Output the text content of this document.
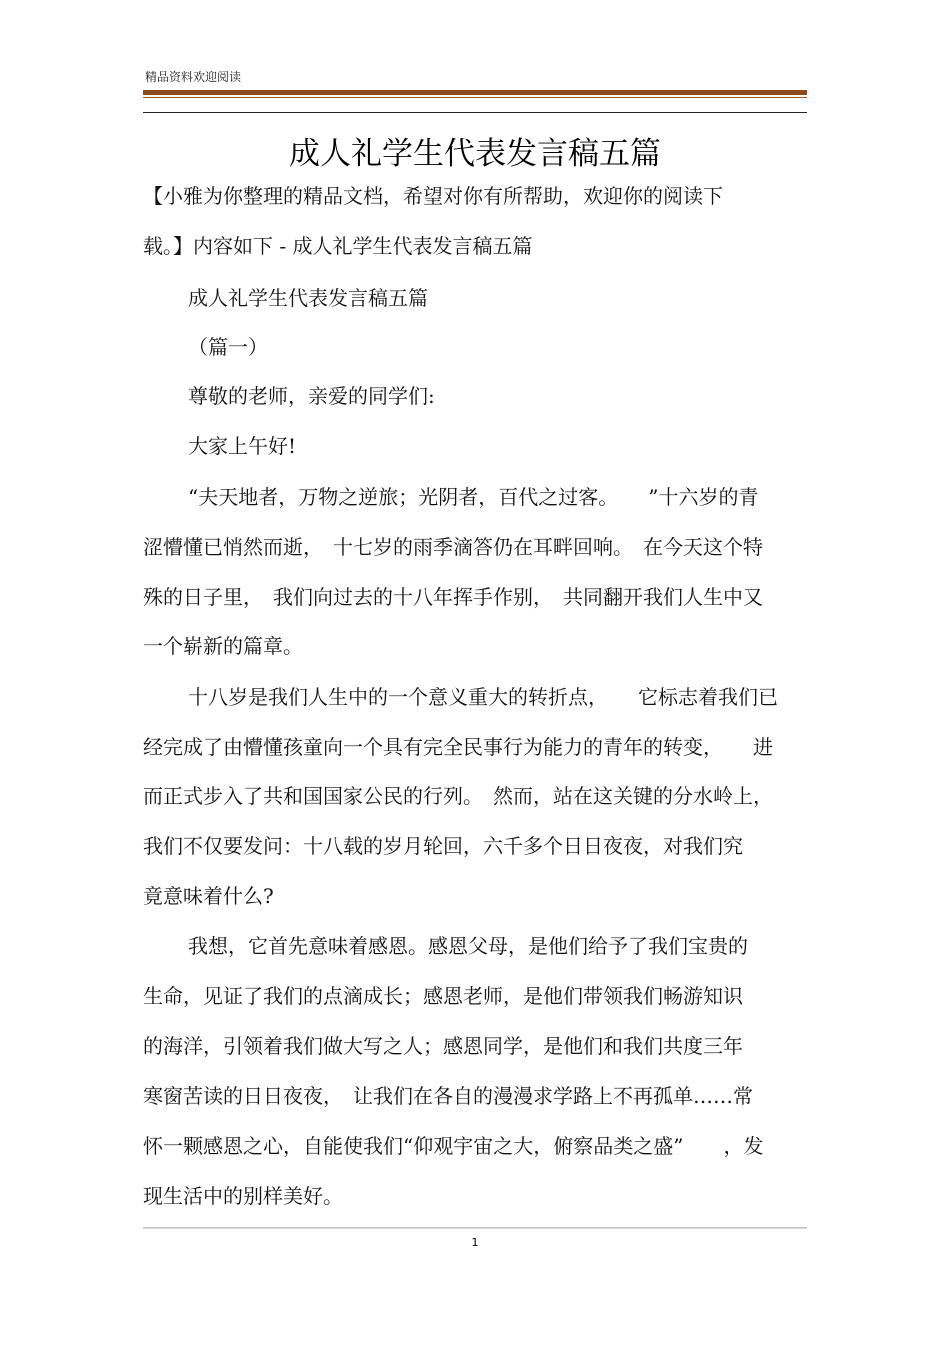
精品资料欢迎阅读
成人礼学生代表发言稿五篇
【小雅为你整理的精品文档，希望对你有所帮助，欢迎你的阅读下
载。】内容如下 - 成人礼学生代表发言稿五篇
成人礼学生代表发言稿五篇
（篇一）
尊敬的老师，亲爱的同学们:
大家上午好!
“夫天地者，万物之逆旅；光阴者，百代之过客。　　”十六岁的青
涩懵懂已悄然而逝，　十七岁的雨季滴答仍在耳畔回响。　在今天这个特
殊的日子里，　我们向过去的十八年挥手作别，　共同翻开我们人生中又
一个崭新的篇章。
十八岁是我们人生中的一个意义重大的转折点，　　它标志着我们已
经完成了由懵懂孩童向一个具有完全民事行为能力的青年的转变，　　进
而正式步入了共和国国家公民的行列。　然而，站在这关键的分水岭上，
我们不仅要发问：十八载的岁月轮回，六千多个日日夜夜，对我们究
竟意味着什么?
我想，它首先意味着感恩。感恩父母，是他们给予了我们宝贵的
生命，见证了我们的点滴成长；感恩老师，是他们带领我们畅游知识
的海洋，引领着我们做大写之人；感恩同学，是他们和我们共度三年
寒窗苦读的日日夜夜，　让我们在各自的漫漫求学路上不再孤单……常
怀一颗感恩之心，自能使我们“仰观宇宙之大，俯察品类之盛”　　，发
现生活中的别样美好。
1
